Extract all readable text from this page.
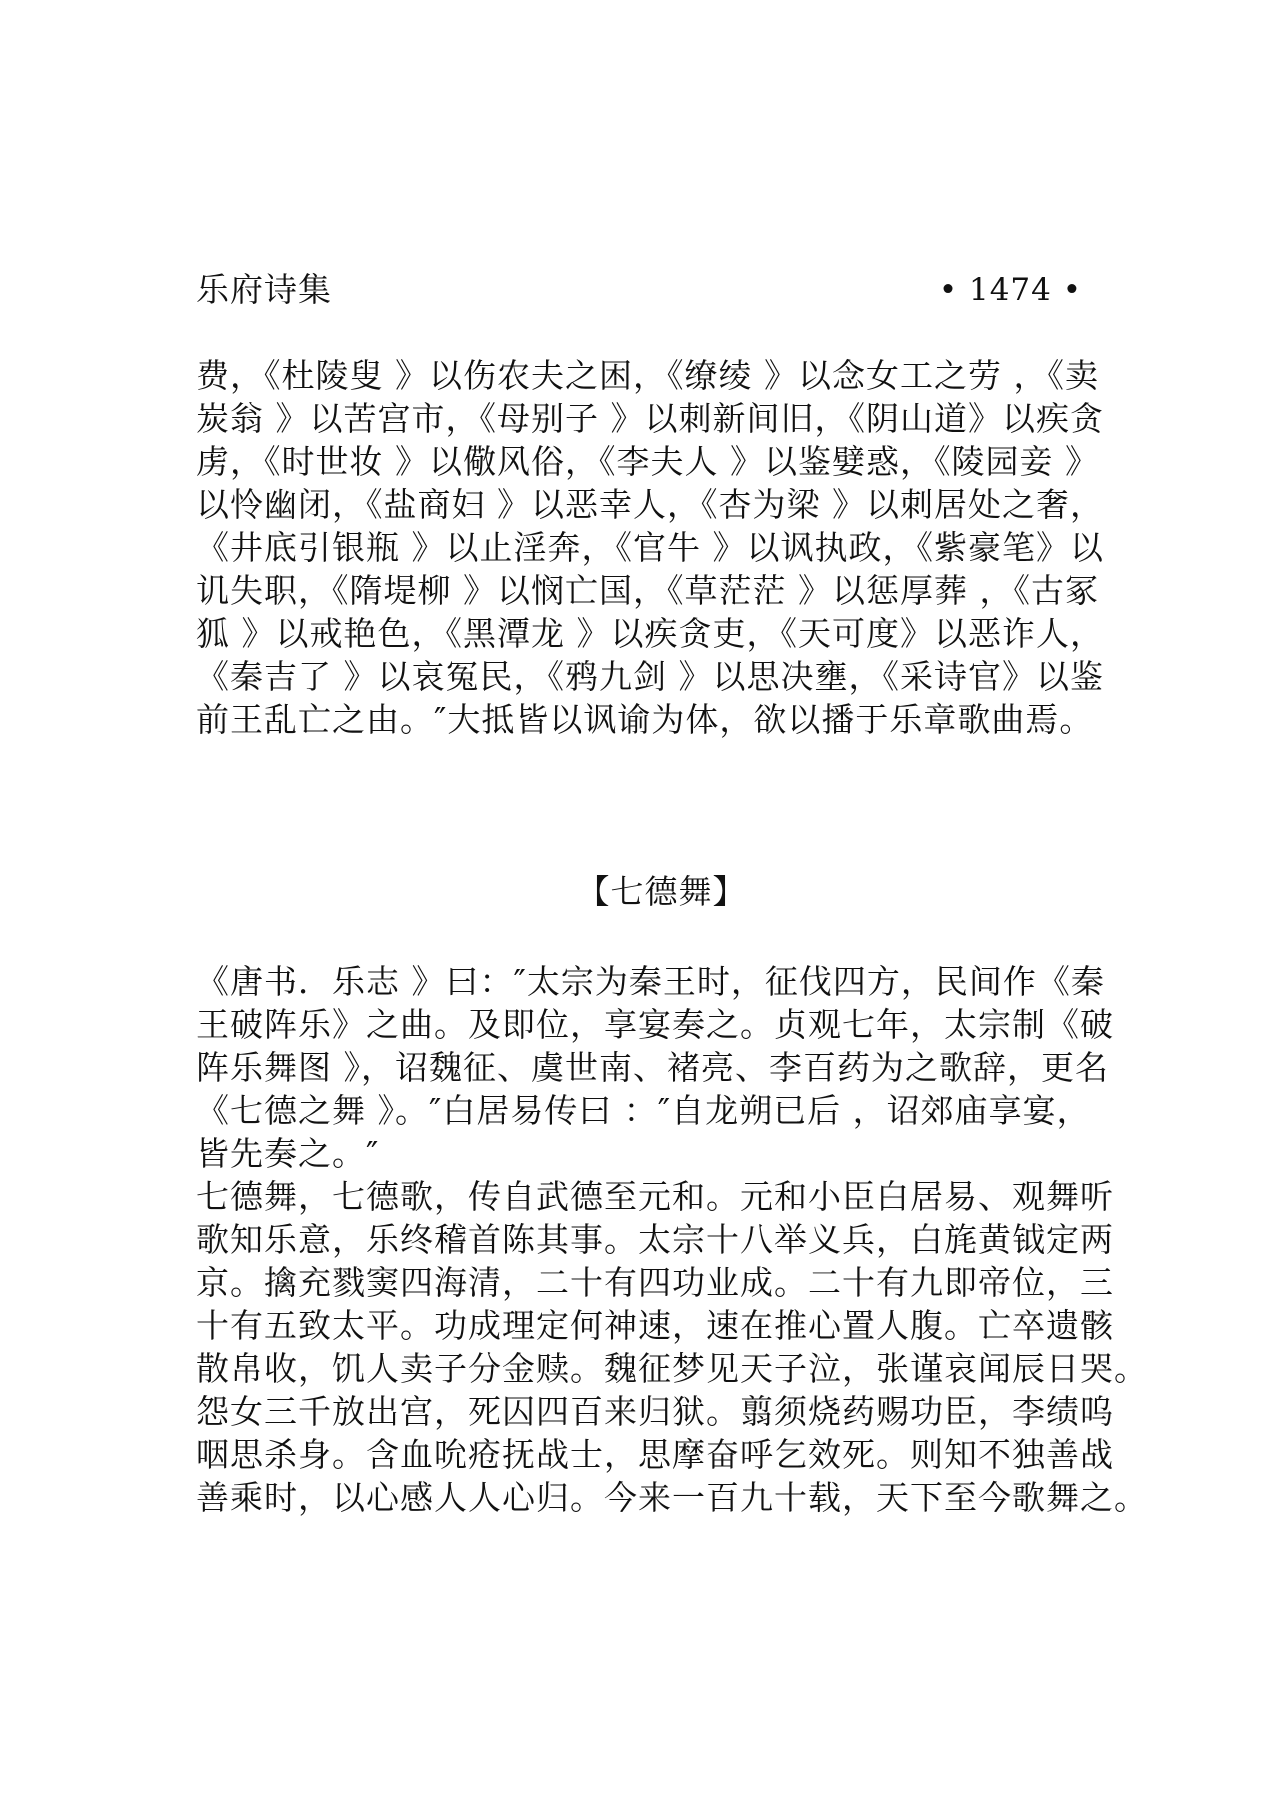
乐府诗集	• 1474 •
费，《杜陵叟 》以伤农夫之困，《缭绫 》以念女工之劳 ，《卖
炭翁 》以苦宫市，《母别子 》以刺新间旧，《阴山道》以疾贪
虏，《时世妆 》以儆风俗，《李夫人 》以鉴嬖惑，《陵园妾 》
以怜幽闭，《盐商妇 》以恶幸人，《杏为梁 》以刺居处之奢，
《井底引银瓶 》以止淫奔，《官牛 》以讽执政，《紫豪笔》以
讥失职，《隋堤柳 》以悯亡国，《草茫茫 》以惩厚葬 ，《古冢
狐 》以戒艳色，《黑潭龙 》以疾贪吏，《天可度》以恶诈人，
《秦吉了 》以哀冤民，《鸦九剑 》以思决壅，《采诗官》以鉴
前王乱亡之由。″大抵皆以讽谕为体，欲以播于乐章歌曲焉。
【七德舞】
《唐书．乐志 》曰：″太宗为秦王时，征伐四方，民间作《秦
王破阵乐》之曲。及即位，享宴奏之。贞观七年，太宗制《破
阵乐舞图 》，诏魏征、虞世南、褚亮、李百药为之歌辞，更名
《七德之舞 》。″白居易传曰 ：″自龙朔已后 ，诏郊庙享宴，
皆先奏之。″
七德舞，七德歌，传自武德至元和。元和小臣白居易、观舞听
歌知乐意，乐终稽首陈其事。太宗十八举义兵，白旄黄钺定两
京。擒充戮窦四海清，二十有四功业成。二十有九即帝位，三
十有五致太平。功成理定何神速，速在推心置人腹。亡卒遗骸
散帛收，饥人卖子分金赎。魏征梦见天子泣，张谨哀闻辰日哭。
怨女三千放出宫，死囚四百来归狱。翦须烧药赐功臣，李绩呜
咽思杀身。含血吮疮抚战士，思摩奋呼乞效死。则知不独善战
善乘时，以心感人人心归。今来一百九十载，天下至今歌舞之。
